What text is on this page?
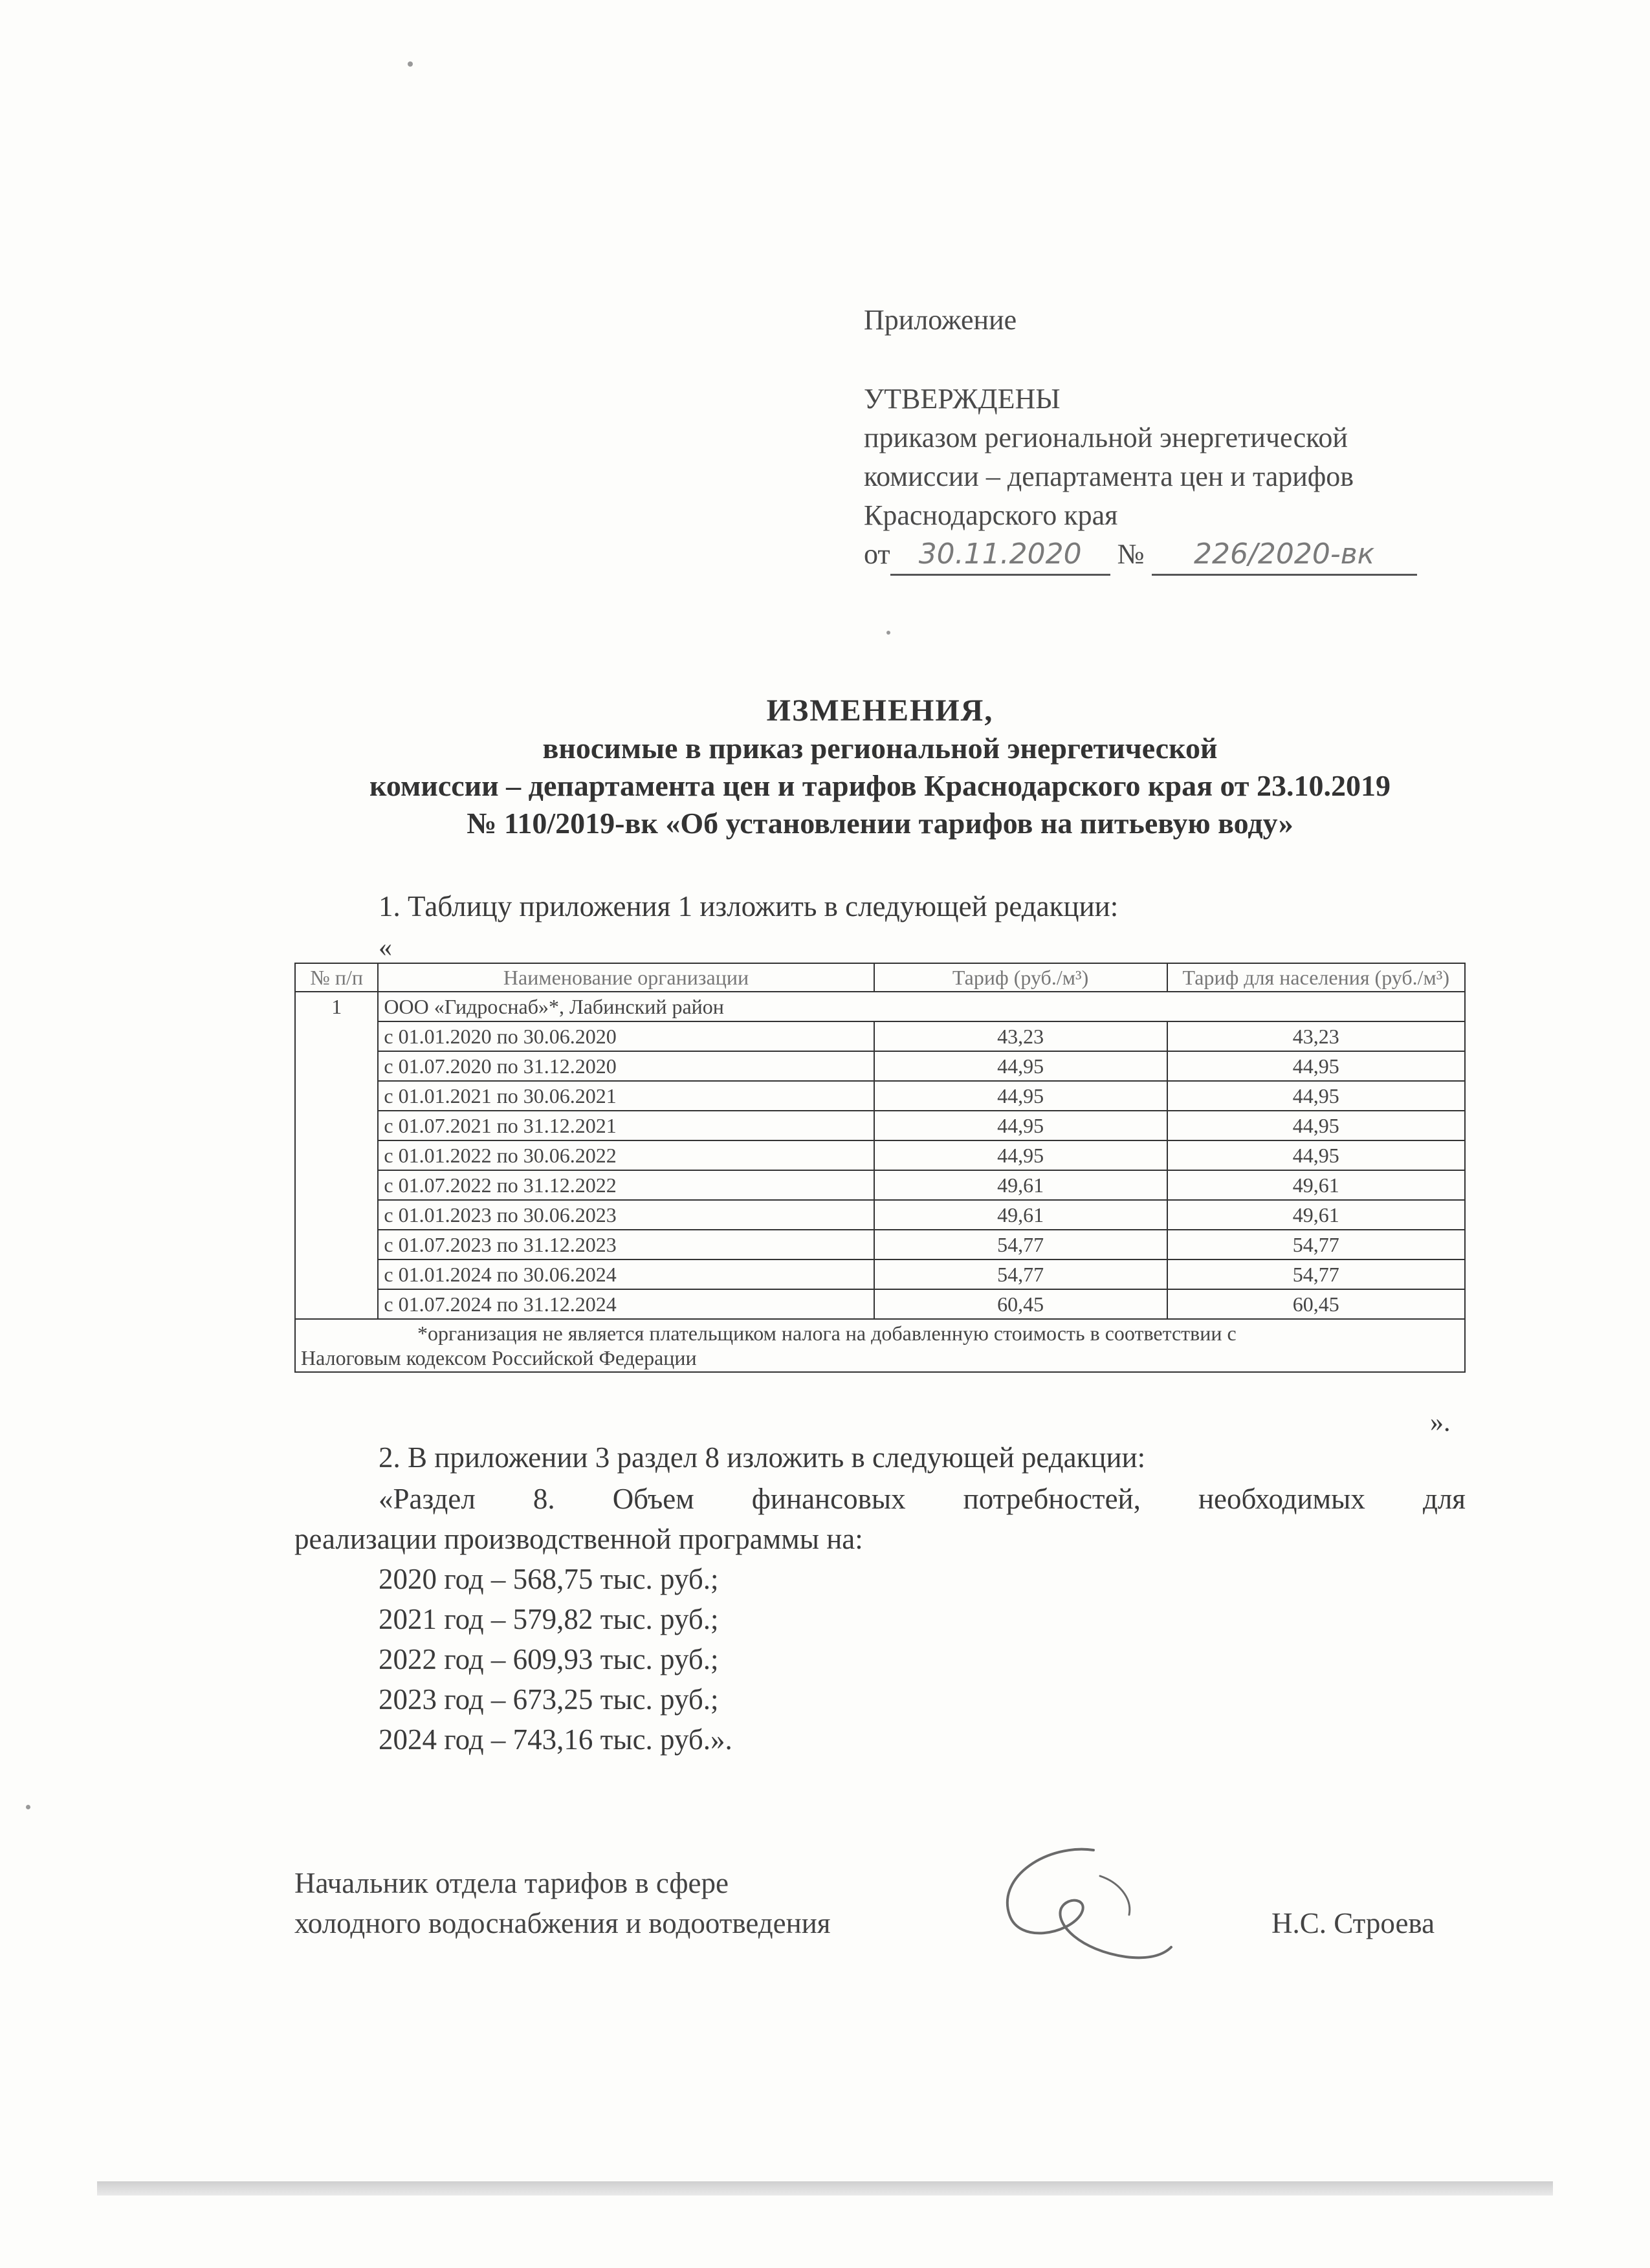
Приложение
УТВЕРЖДЕНЫ
приказом региональной энергетической
комиссии – департамента цен и тарифов
Краснодарского края
от 30.11.2020 № 226/2020-вк
ИЗМЕНЕНИЯ,
вносимые в приказ региональной энергетической
комиссии – департамента цен и тарифов Краснодарского края от 23.10.2019
№ 110/2019-вк «Об установлении тарифов на питьевую воду»
1. Таблицу приложения 1 изложить в следующей редакции:
«
№ п/п	Наименование организации	Тариф (руб./м³)	Тариф для населения (руб./м³)
1	ООО «Гидроснаб»*, Лабинский район		
	с 01.01.2020 по 30.06.2020	43,23	43,23
	с 01.07.2020 по 31.12.2020	44,95	44,95
	с 01.01.2021 по 30.06.2021	44,95	44,95
	с 01.07.2021 по 31.12.2021	44,95	44,95
	с 01.01.2022 по 30.06.2022	44,95	44,95
	с 01.07.2022 по 31.12.2022	49,61	49,61
	с 01.01.2023 по 30.06.2023	49,61	49,61
	с 01.07.2023 по 31.12.2023	54,77	54,77
	с 01.01.2024 по 30.06.2024	54,77	54,77
	с 01.07.2024 по 31.12.2024	60,45	60,45

*организация не является плательщиком налога на добавленную стоимость в соответствии с
Налоговым кодексом Российской Федерации			
».
2. В приложении 3 раздел 8 изложить в следующей редакции:
«Раздел 8. Объем финансовых потребностей, необходимых для
реализации производственной программы на:
2020 год – 568,75 тыс. руб.;
2021 год – 579,82 тыс. руб.;
2022 год – 609,93 тыс. руб.;
2023 год – 673,25 тыс. руб.;
2024 год – 743,16 тыс. руб.».
Начальник отдела тарифов в сфере
холодного водоснабжения и водоотведения	Н.С. Строева
